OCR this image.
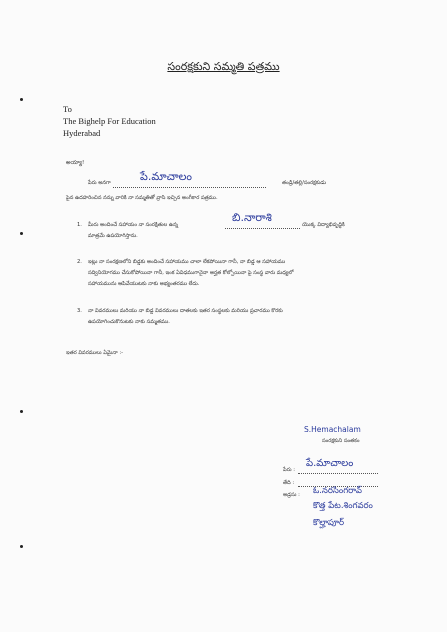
సంరక్షకుని సమ్మతి పత్రము
To
The Bighelp For Education
Hyderabad
అయ్యా!
పేరు అనగా	పే.మాచాలం	తండ్రి/తల్లి/సంరక్షకుడు
పైన ఉదహరించిన నన్ను వారికి నా సమ్మతితో వ్రాసి ఇచ్చిన అంగీకార పత్రము.
1. మీరు అందించే సహాయం నా సంరక్షితుల ఉన్న
బి.నారాశి
యొక్క విద్యాభివృద్ధికి
మాత్రమే ఉపయోగిస్తాను.
2. ఇట్లు నా సంరక్షణలోని బిడ్డకు అందించే సహాయము చాలా లేకపోయినా గానీ, నా బిడ్డ ఆ సహాయము
సద్వినియోగము చేసుకోపోయినా గానీ, ఇంక ఏవిధముగానైనా అర్హత కోల్పోయినా పై సంస్థ వారు మధ్యలో
సహాయమును ఆపివేయుటకు నాకు అభ్యంతరము లేదు.
3. నా వివరములు మరియు నా బిడ్డ వివరములు దాతలకు ఇతర సంస్థలకు మరియు ప్రచారము కొరకు
ఉపయోగించుకొనుటకు నాకు సమ్మతము.
ఇతర వివరములు ఏమైనా :-
S.Hemachalam
సంరక్షకుని సంతకం
పేరు :
పే.మాచాలం
తేది :
అడ్రసు : ఓ.నరసింగరావ్
కొత్త పేట.శింగవరం
కొల్హాపూర్
